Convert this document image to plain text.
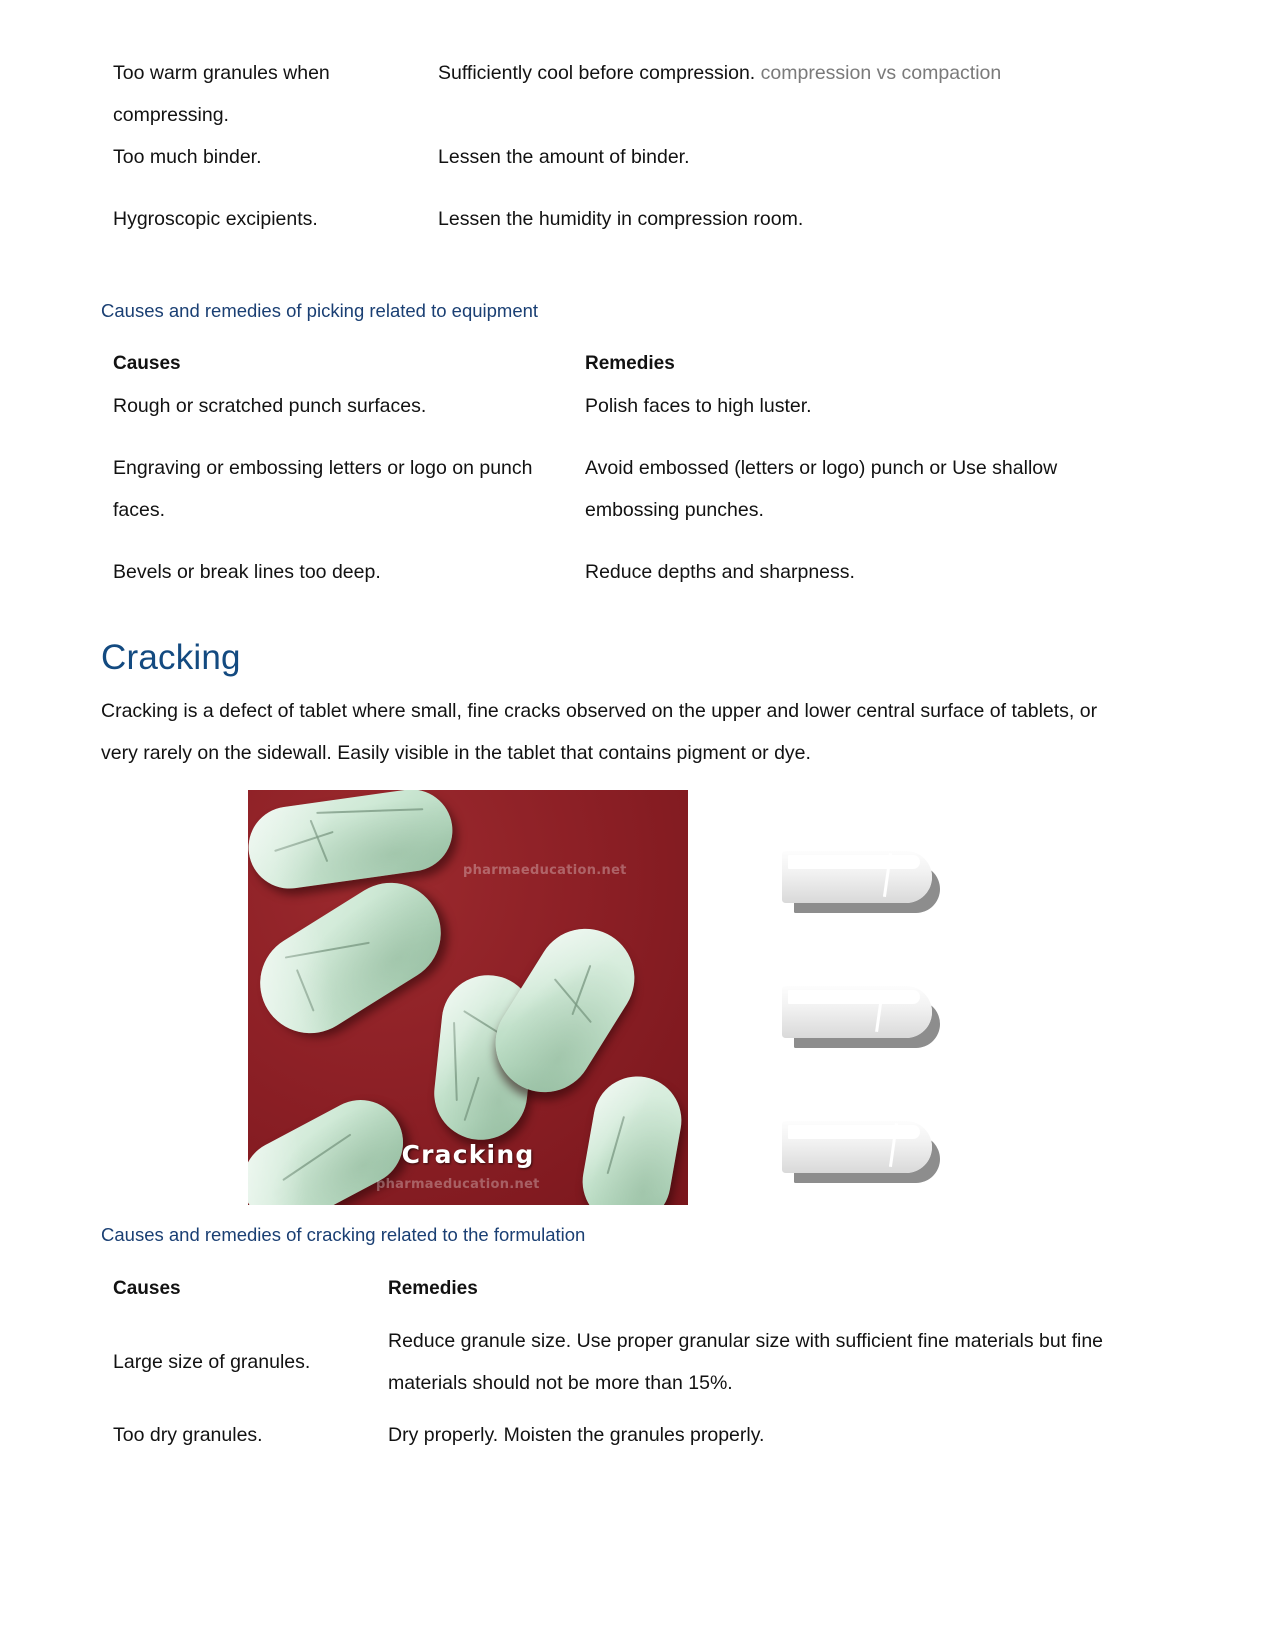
Too warm granules when compressing.	Sufficiently cool before compression. compression vs compaction

Too much binder.	Lessen the amount of binder.

Hygroscopic excipients.	Lessen the humidity in compression room.
Causes and remedies of picking related to equipment
Causes	Remedies

Rough or scratched punch surfaces.	Polish faces to high luster.

Engraving or embossing letters or logo on punch faces.	Avoid embossed (letters or logo) punch or Use shallow embossing punches.

Bevels or break lines too deep.	Reduce depths and sharpness.
Cracking

Cracking is a defect of tablet where small, fine cracks observed on the upper and lower central surface of tablets, or very rarely on the sidewall. Easily visible in the tablet that contains pigment or dye.

pharmaeducation.net
Cracking
pharmaeducation.net
Causes and remedies of cracking related to the formulation
Causes	Remedies

Large size of granules.	Reduce granule size. Use proper granular size with sufficient fine materials but fine materials should not be more than 15%.

Too dry granules.	Dry properly. Moisten the granules properly.
